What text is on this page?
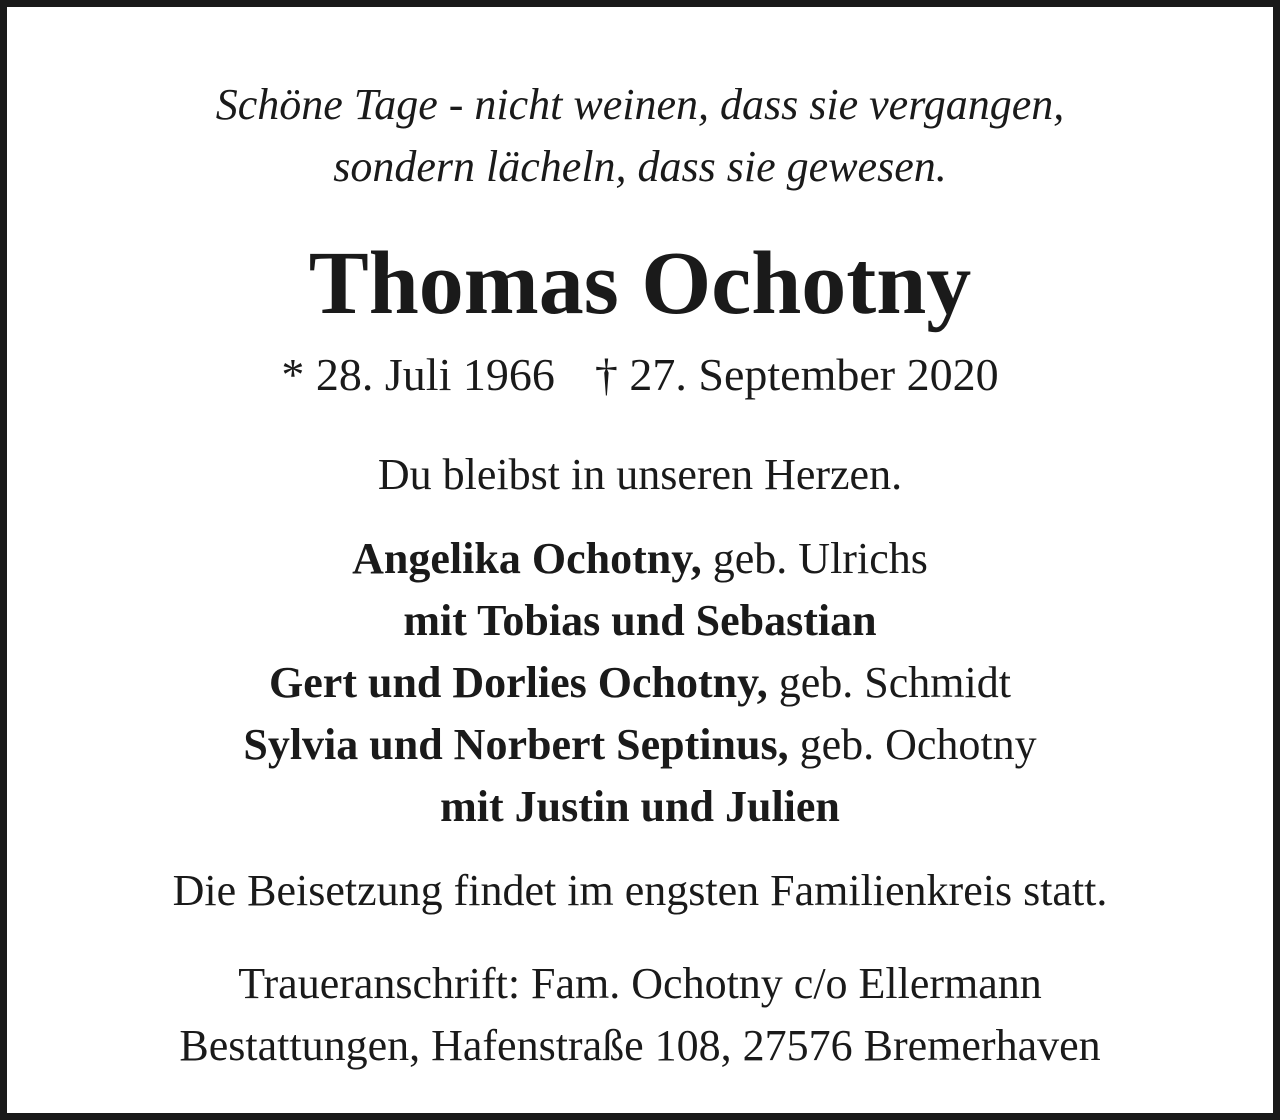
Schöne Tage - nicht weinen, dass sie vergangen,
sondern lächeln, dass sie gewesen.
Thomas Ochotny
* 28. Juli 1966 † 27. September 2020
Du bleibst in unseren Herzen.
Angelika Ochotny, geb. Ulrichs
mit Tobias und Sebastian
Gert und Dorlies Ochotny, geb. Schmidt
Sylvia und Norbert Septinus, geb. Ochotny
mit Justin und Julien
Die Beisetzung findet im engsten Familienkreis statt.
Traueranschrift: Fam. Ochotny c/o Ellermann
Bestattungen, Hafenstraße 108, 27576 Bremerhaven
